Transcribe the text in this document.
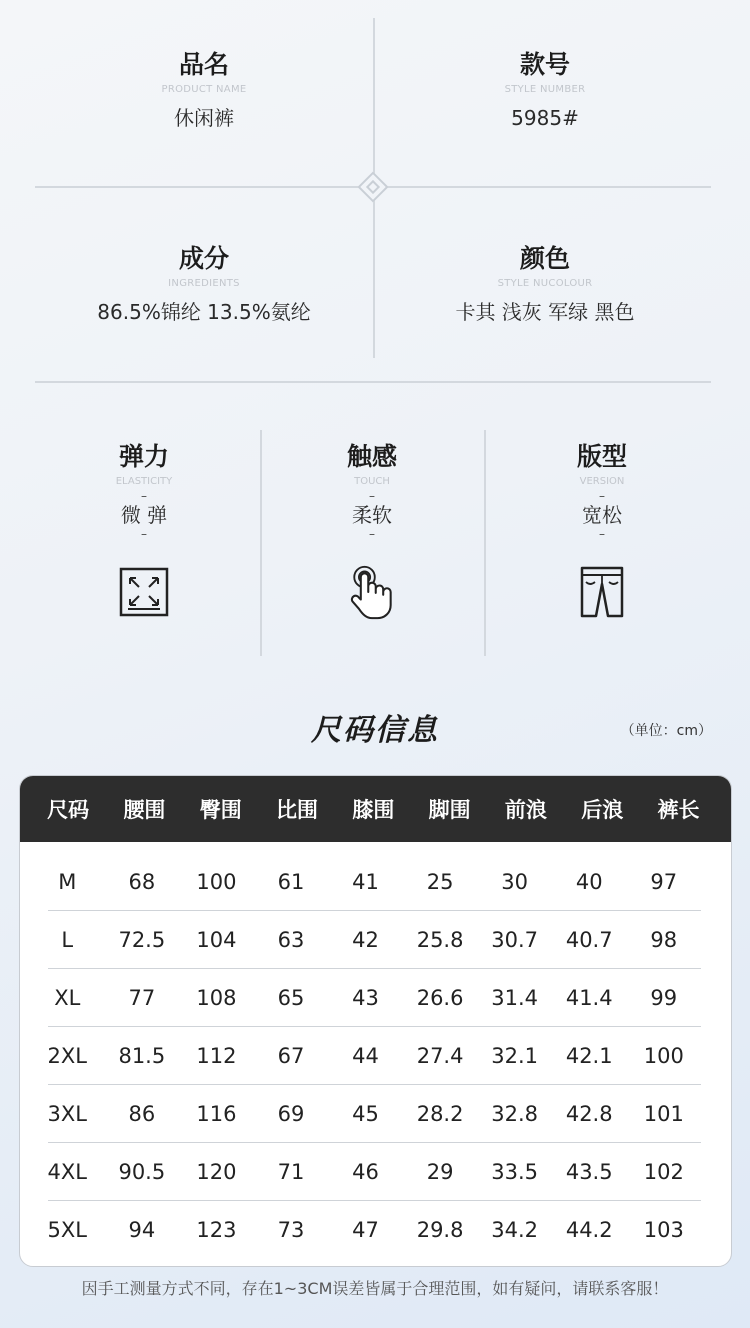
品名
PRODUCT NAME
休闲裤
款号
STYLE NUMBER
5985#
成分
INGREDIENTS
86.5%锦纶 13.5%氨纶
颜色
STYLE NUCOLOUR
卡其 浅灰 军绿 黑色
弹力
ELASTICITY
–
微 弹
–
触感
TOUCH
–
柔软
–
版型
VERSION
–
宽松
–
尺码信息	（单位：cm）
尺码	腰围	臀围	比围	膝围	脚围	前浪	后浪	裤长
M	68	100	61	41	25	30	40	97
L	72.5	104	63	42	25.8	30.7	40.7	98
XL	77	108	65	43	26.6	31.4	41.4	99
2XL	81.5	112	67	44	27.4	32.1	42.1	100
3XL	86	116	69	45	28.2	32.8	42.8	101
4XL	90.5	120	71	46	29	33.5	43.5	102
5XL	94	123	73	47	29.8	34.2	44.2	103
因手工测量方式不同，存在1~3CM误差皆属于合理范围，如有疑问，请联系客服！
